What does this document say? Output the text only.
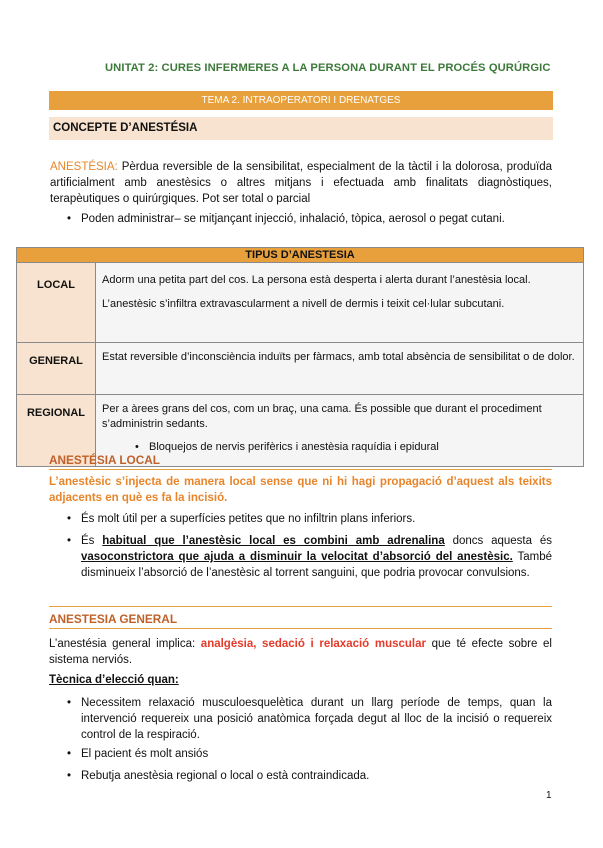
UNITAT 2: CURES INFERMERES A LA PERSONA DURANT EL PROCÉS QURÚRGIC
TEMA 2. INTRAOPERATORI I DRENATGES
CONCEPTE D’ANESTÉSIA
ANESTÉSIA: Pèrdua reversible de la sensibilitat, especialment de la tàctil i la dolorosa, produïda artificialment amb anestèsics o altres mitjans i efectuada amb finalitats diagnòstiques, terapèutiques o quirúrgiques. Pot ser total o parcial
• Poden administrar– se mitjançant injecció, inhalació, tòpica, aerosol o pegat cutani.
TIPUS D’ANESTESIA	
LOCAL	Adorm una petita part del cos. La persona està desperta i alerta durant l’anestèsia local.

L’anestèsic s’infiltra extravascularment a nivell de dermis i teixit cel·lular subcutani.

GENERAL	Estat reversible d’inconsciència induïts per fàrmacs, amb total absència de sensibilitat o de dolor.

REGIONAL	Per a àrees grans del cos, com un braç, una cama. És possible que durant el procediment s’administrin sedants.

• Bloquejos de nervis perifèrics i anestèsia raquídia i epidural
ANESTÉSIA LOCAL
L’anestèsic s’injecta de manera local sense que ni hi hagi propagació d’aquest als teixits adjacents en què es fa la incisió.
• És molt útil per a superfícies petites que no infiltrin plans inferiors.
• És habitual que l’anestèsic local es combini amb adrenalina doncs aquesta és vasoconstrictora que ajuda a disminuir la velocitat d’absorció del anestèsic. També disminueix l’absorció de l’anestèsic al torrent sanguini, que podria provocar convulsions.
ANESTESIA GENERAL
L’anestésia general implica: analgèsia, sedació i relaxació muscular que té efecte sobre el sistema nerviós.
Tècnica d’elecció quan:
• Necessitem relaxació musculoesquelètica durant un llarg període de temps, quan la intervenció requereix una posició anatòmica forçada degut al lloc de la incisió o requereix control de la respiració.
• El pacient és molt ansiós
• Rebutja anestèsia regional o local o està contraindicada.
1
